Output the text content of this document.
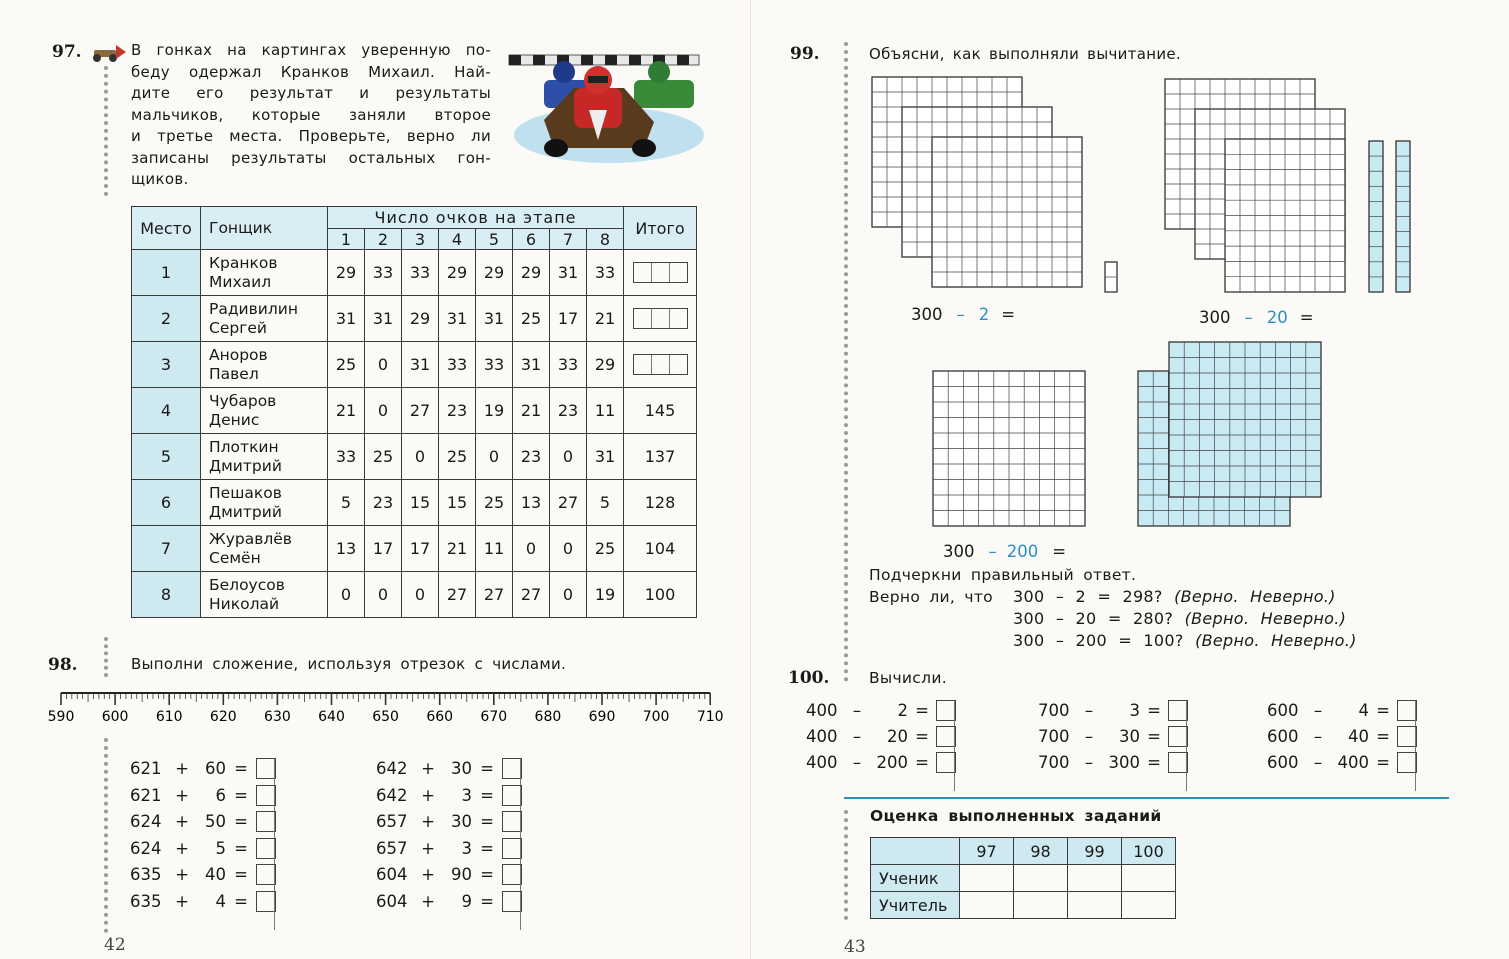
97.	В гонках на картингах уверенную по-
беду одержал Кранков Михаил. Най-
дите его результат и результаты
мальчиков, которые заняли второе
и третье места. Проверьте, верно ли
записаны результаты остальных гон-
щиков.
Место	Гонщик	Число очков на этапе								Итого
		1	2	3	4	5	6	7	8	
1	Кранков
Михаил	29	33	33	29	29	29	31	33	

2	Радивилин
Сергей	31	31	29	31	31	25	17	21	

3	Аноров
Павел	25	0	31	33	33	31	33	29	

4	Чубаров
Денис	21	0	27	23	19	21	23	11	145
5	Плоткин
Дмитрий	33	25	0	25	0	23	0	31	137
6	Пешаков
Дмитрий	5	23	15	15	25	13	27	5	128
7	Журавлёв
Семён	13	17	17	21	11	0	0	25	104
8	Белоусов
Николай	0	0	0	27	27	27	0	19	100
98.	Выполни сложение, используя отрезок с числами.
590 600 610 620 630 640 650 660 670 680 690 700 710
621 + 60 =
621 +	6 =
624 + 50 =
624 +	5 =
635 + 40 =
635 +	4 =
642 + 30 =
642 +	3 =
657 + 30 =
657 +	3 =
604 + 90 =
604 +	9 =
42
99.	Объясни, как выполняли вычитание.
300 – 2 =	300 – 20 =
300 – 200 =
Подчеркни правильный ответ.
Верно ли, что 300 – 2 = 298? (Верно. Неверно.)
300 – 20 = 280? (Верно. Неверно.)
300 – 200 = 100? (Верно. Неверно.)
100.	Вычисли.
400 –	2 =
400 –	20 =
400 – 200 =
700 –	3 =
700 –	30 =
700 – 300 =
600 –	4 =
600 –	40 =
600 – 400 =
Оценка выполненных заданий
	97	98	99	100
Ученик				
Учитель				
43
